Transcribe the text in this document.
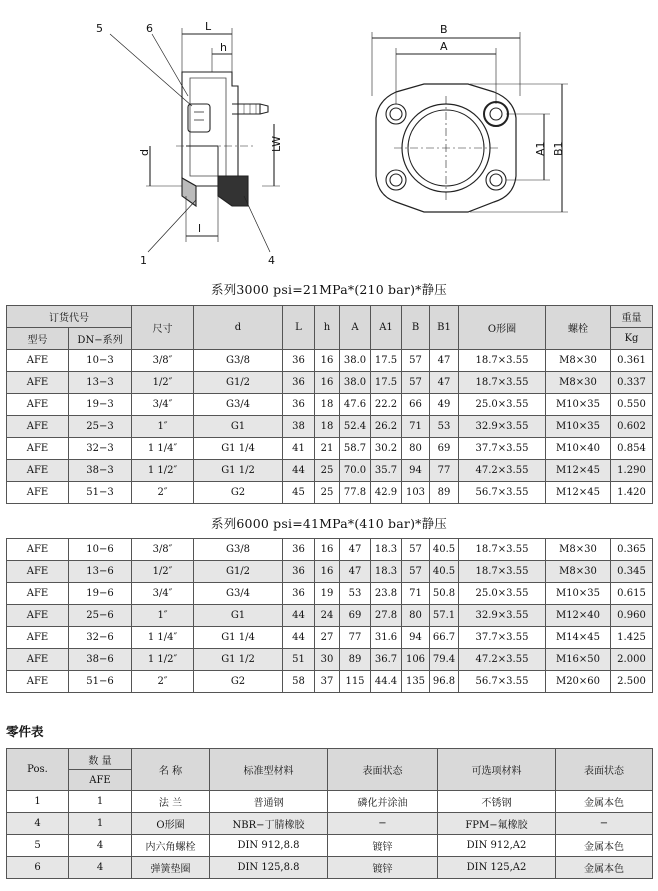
5	6	L
h
d
LW
l
1	4
B
A
A1 B1
系列3000 psi=21MPa*(210 bar)*静压
订货代号		尺寸	d	L	h	A	A1	B	B1	O形圈	螺栓	重量
型号	DN−系列											Kg
AFE	10−3	3/8″	G3/8	36	16	38.0	17.5	57	47	18.7×3.55	M8×30	0.361
AFE	13−3	1/2″	G1/2	36	16	38.0	17.5	57	47	18.7×3.55	M8×30	0.337
AFE	19−3	3/4″	G3/4	36	18	47.6	22.2	66	49	25.0×3.55	M10×35	0.550
AFE	25−3	1″	G1	38	18	52.4	26.2	71	53	32.9×3.55	M10×35	0.602
AFE	32−3	1 1/4″	G1 1/4	41	21	58.7	30.2	80	69	37.7×3.55	M10×40	0.854
AFE	38−3	1 1/2″	G1 1/2	44	25	70.0	35.7	94	77	47.2×3.55	M12×45	1.290
AFE	51−3	2″	G2	45	25	77.8	42.9	103	89	56.7×3.55	M12×45	1.420
系列6000 psi=41MPa*(410 bar)*静压
AFE	10−6	3/8″	G3/8	36	16	47	18.3	57	40.5	18.7×3.55	M8×30	0.365
AFE	13−6	1/2″	G1/2	36	16	47	18.3	57	40.5	18.7×3.55	M8×30	0.345
AFE	19−6	3/4″	G3/4	36	19	53	23.8	71	50.8	25.0×3.55	M10×35	0.615
AFE	25−6	1″	G1	44	24	69	27.8	80	57.1	32.9×3.55	M12×40	0.960
AFE	32−6	1 1/4″	G1 1/4	44	27	77	31.6	94	66.7	37.7×3.55	M14×45	1.425
AFE	38−6	1 1/2″	G1 1/2	51	30	89	36.7	106	79.4	47.2×3.55	M16×50	2.000
AFE	51−6	2″	G2	58	37	115	44.4	135	96.8	56.7×3.55	M20×60	2.500
零件表
Pos.	数 量	名 称	标准型材料	表面状态	可选项材料	表面状态
	AFE					
1	1	法 兰	普通钢	磷化并涂油	不锈钢	金属本色
4	1	O形圈	NBR−丁腈橡胶	−	FPM−氟橡胶	−
5	4	内六角螺栓	DIN 912,8.8	镀锌	DIN 912,A2	金属本色
6	4	弹簧垫圈	DIN 125,8.8	镀锌	DIN 125,A2	金属本色
